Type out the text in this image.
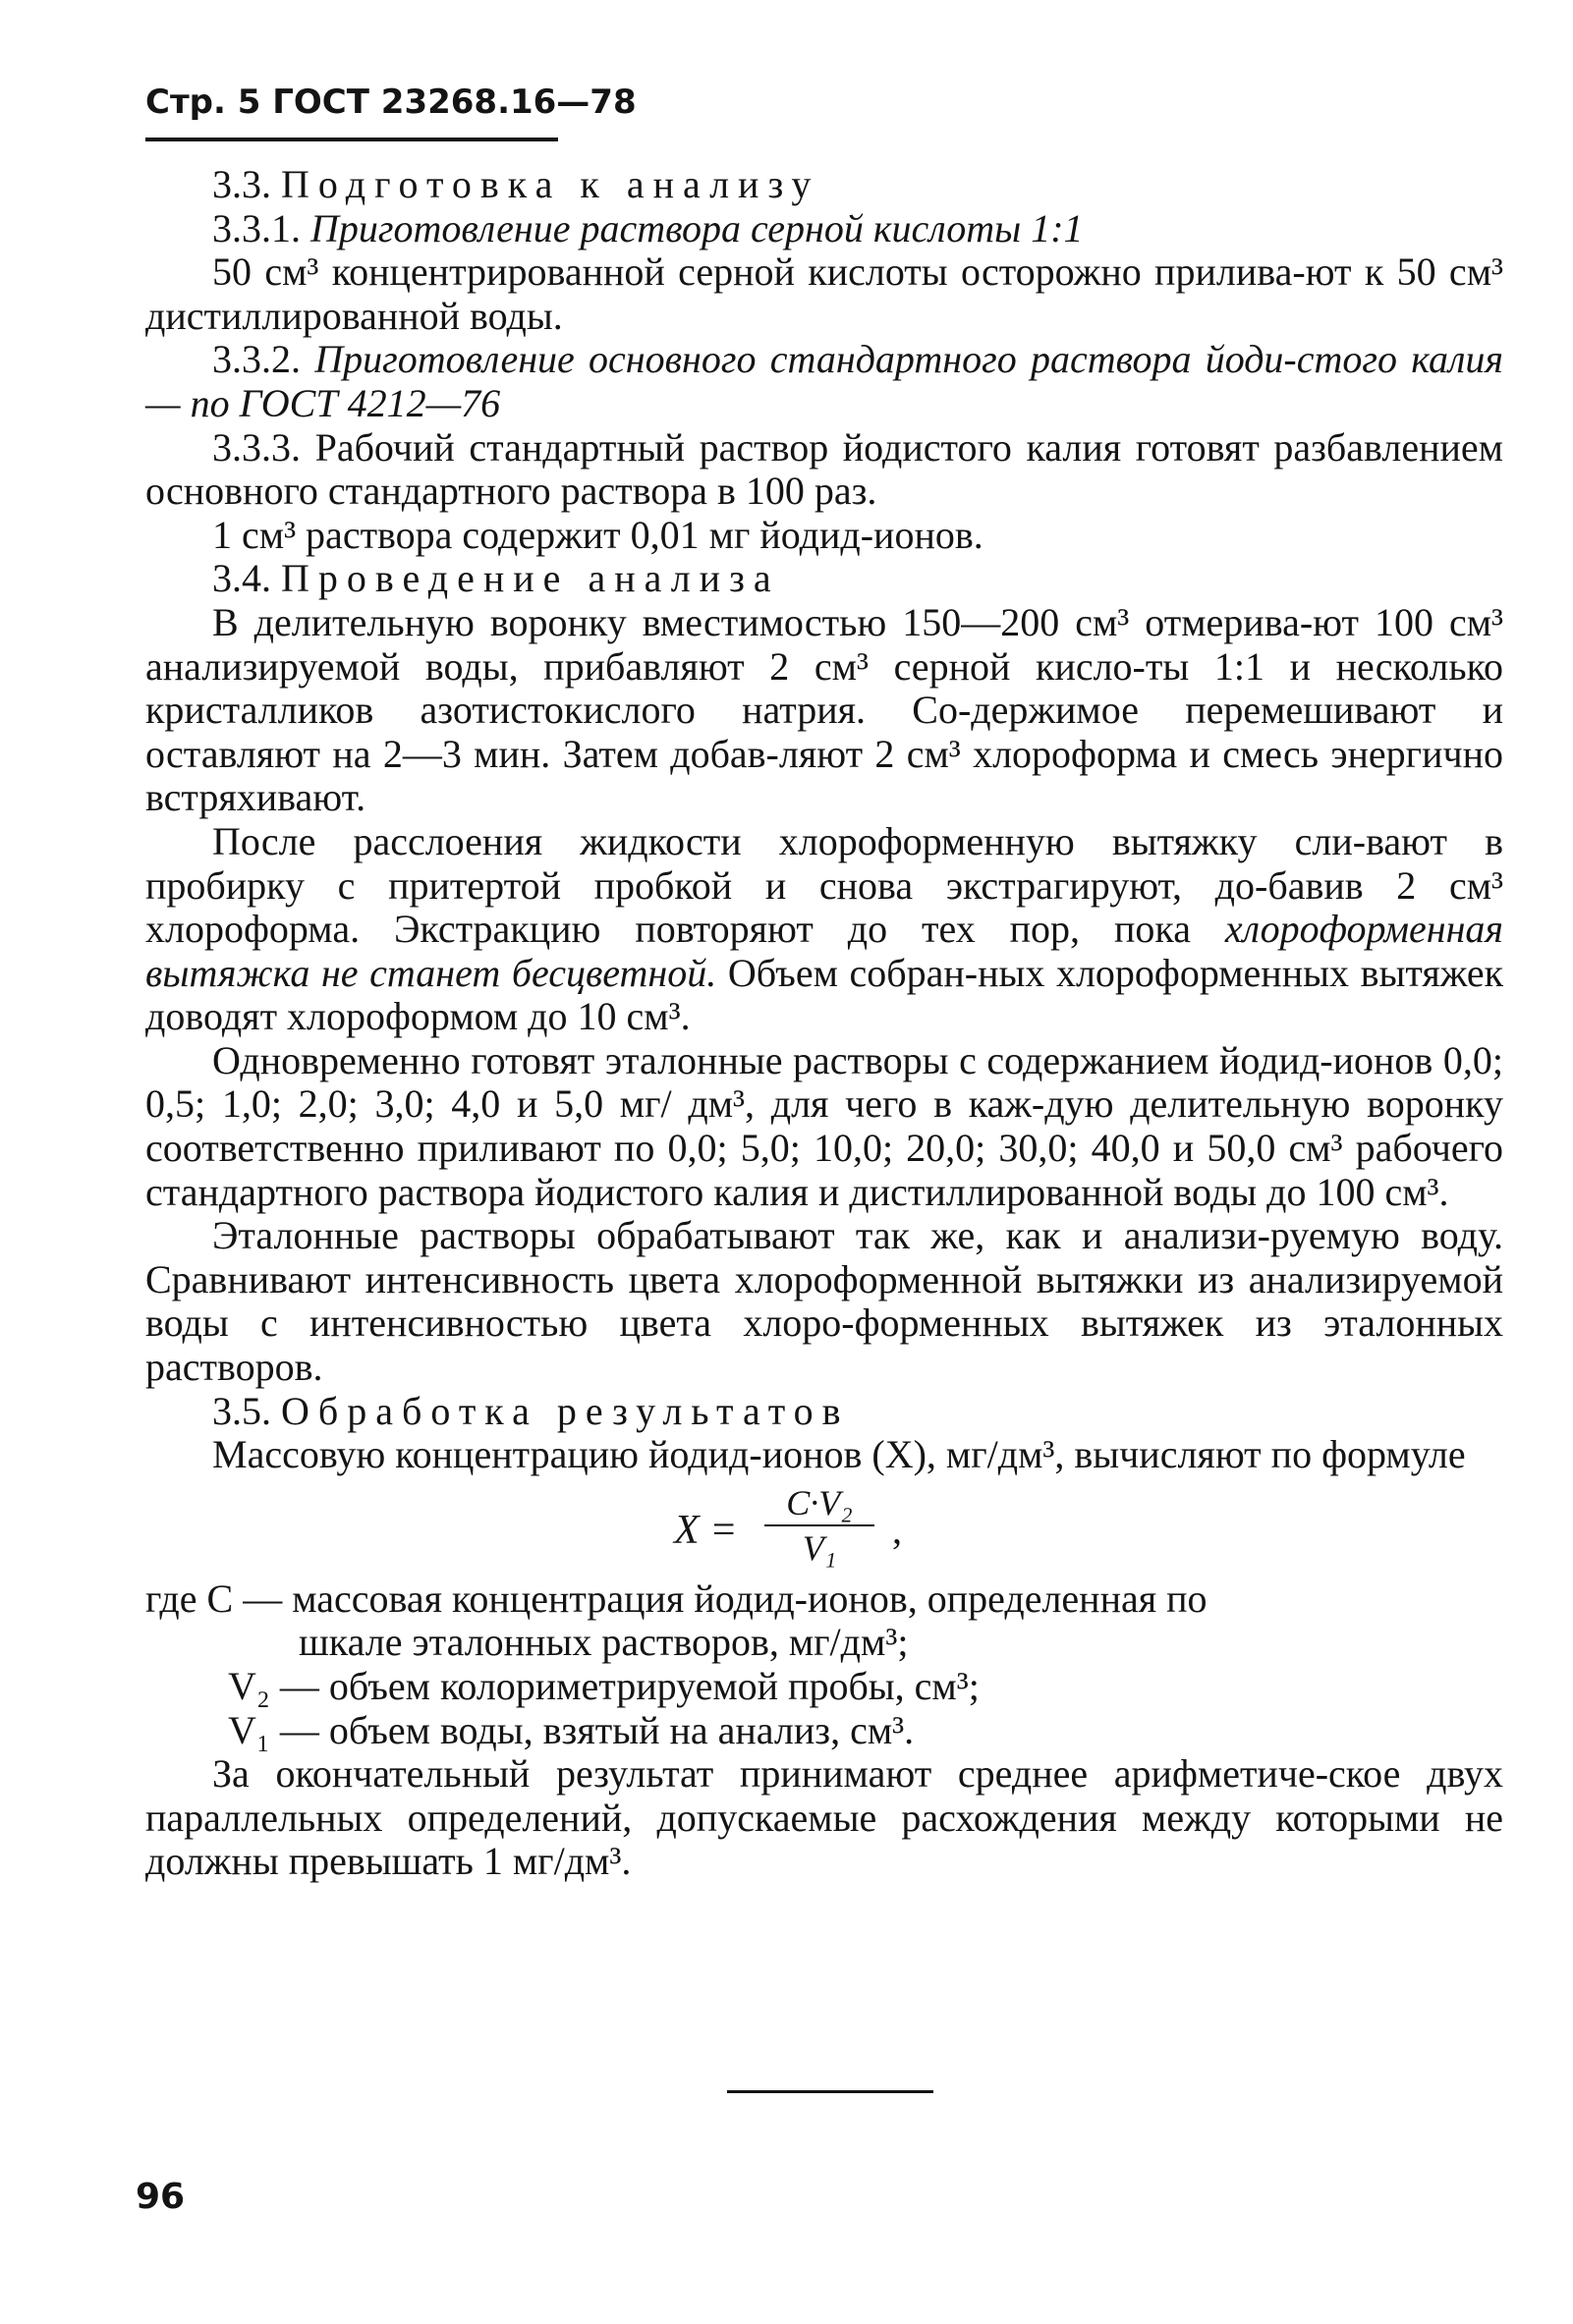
Стр. 5 ГОСТ 23268.16—78

3.3. Подготовка к анализу

3.3.1. Приготовление раствора серной кислоты 1:1

50 см³ концентрированной серной кислоты осторожно прилива-ют к 50 см³ дистиллированной воды.

3.3.2. Приготовление основного стандартного раствора йоди-стого калия — по ГОСТ 4212—76

3.3.3. Рабочий стандартный раствор йодистого калия готовят разбавлением основного стандартного раствора в 100 раз.

1 см³ раствора содержит 0,01 мг йодид-ионов.

3.4. Проведение анализа

В делительную воронку вместимостью 150—200 см³ отмерива-ют 100 см³ анализируемой воды, прибавляют 2 см³ серной кисло-ты 1:1 и несколько кристалликов азотистокислого натрия. Со-держимое перемешивают и оставляют на 2—3 мин. Затем добав-ляют 2 см³ хлороформа и смесь энергично встряхивают.

После расслоения жидкости хлороформенную вытяжку сли-вают в пробирку с притертой пробкой и снова экстрагируют, до-бавив 2 см³ хлороформа. Экстракцию повторяют до тех пор, пока хлороформенная вытяжка не станет бесцветной. Объем собран-ных хлороформенных вытяжек доводят хлороформом до 10 см³.

Одновременно готовят эталонные растворы с содержанием йодид-ионов 0,0; 0,5; 1,0; 2,0; 3,0; 4,0 и 5,0 мг/ дм³, для чего в каж-дую делительную воронку соответственно приливают по 0,0; 5,0; 10,0; 20,0; 30,0; 40,0 и 50,0 см³ рабочего стандартного раствора йодистого калия и дистиллированной воды до 100 см³.

Эталонные растворы обрабатывают так же, как и анализи-руемую воду. Сравнивают интенсивность цвета хлороформенной вытяжки из анализируемой воды с интенсивностью цвета хлоро-форменных вытяжек из эталонных растворов.

3.5. Обработка результатов

Массовую концентрацию йодид-ионов (X), мг/дм³, вычисляют по формуле

X =
C·V₂
V₁	,

где C — массовая концентрация йодид-ионов, определенная по

шкале эталонных растворов, мг/дм³;

V₂ — объем колориметрируемой пробы, см³;

V₁ — объем воды, взятый на анализ, см³.

За окончательный результат принимают среднее арифметиче-ское двух параллельных определений, допускаемые расхождения между которыми не должны превышать 1 мг/дм³.

96
